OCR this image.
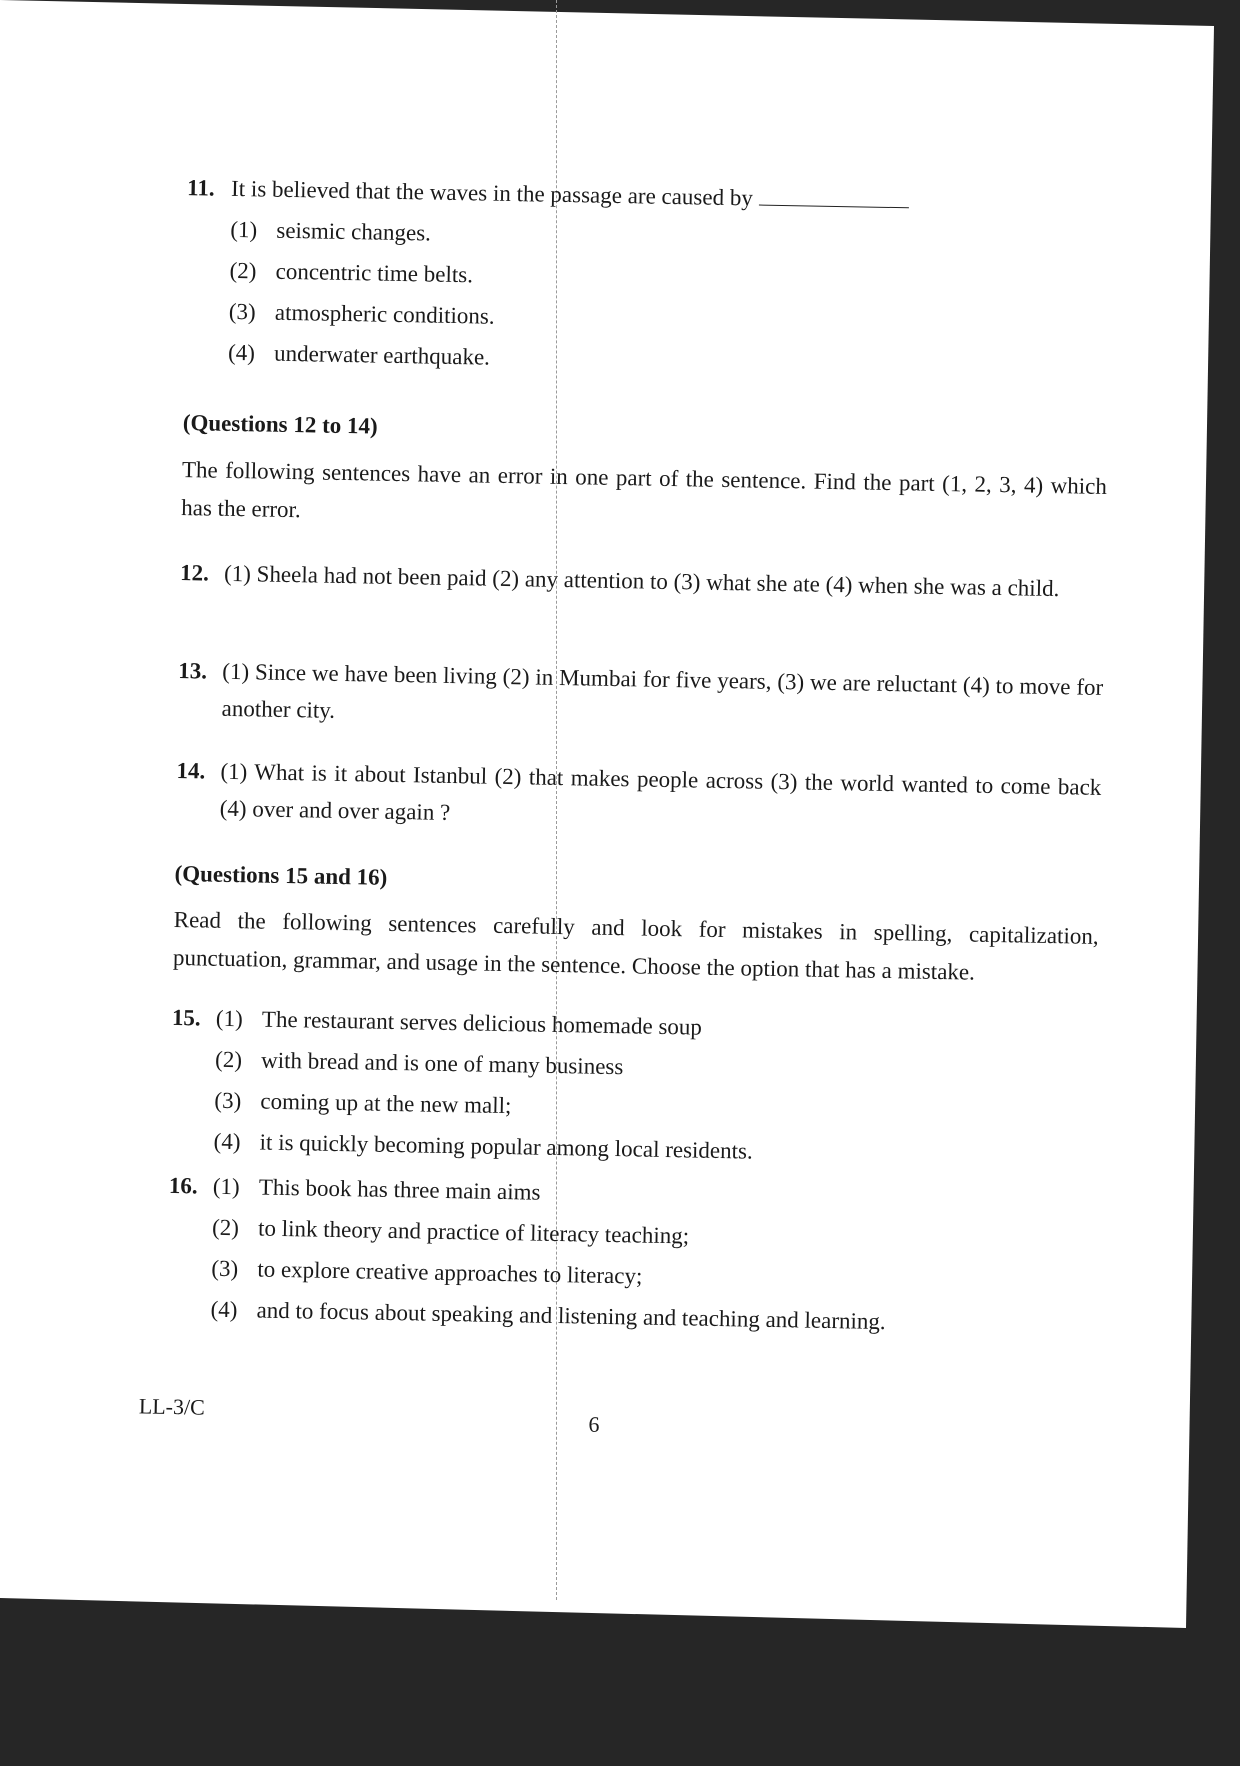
11. It is believed that the waves in the passage are caused by
(1) seismic changes.
(2) concentric time belts.
(3) atmospheric conditions.
(4) underwater earthquake.
(Questions 12 to 14)
The following sentences have an error in one part of the sentence. Find the part (1, 2, 3, 4) which has the error.
12. (1) Sheela had not been paid (2) any attention to (3) what she ate (4) when she was a child.
13. (1) Since we have been living (2) in Mumbai for five years, (3) we are reluctant (4) to move for another city.
14. (1) What is it about Istanbul (2) that makes people across (3) the world wanted to come back (4) over and over again ?
(Questions 15 and 16)
Read the following sentences carefully and look for mistakes in spelling, capitalization, punctuation, grammar, and usage in the sentence. Choose the option that has a mistake.
15. (1) The restaurant serves delicious homemade soup
(2) with bread and is one of many business
(3) coming up at the new mall;
(4) it is quickly becoming popular among local residents.
16. (1) This book has three main aims
(2) to link theory and practice of literacy teaching;
(3) to explore creative approaches to literacy;
(4) and to focus about speaking and listening and teaching and learning.
LL-3/C
6
